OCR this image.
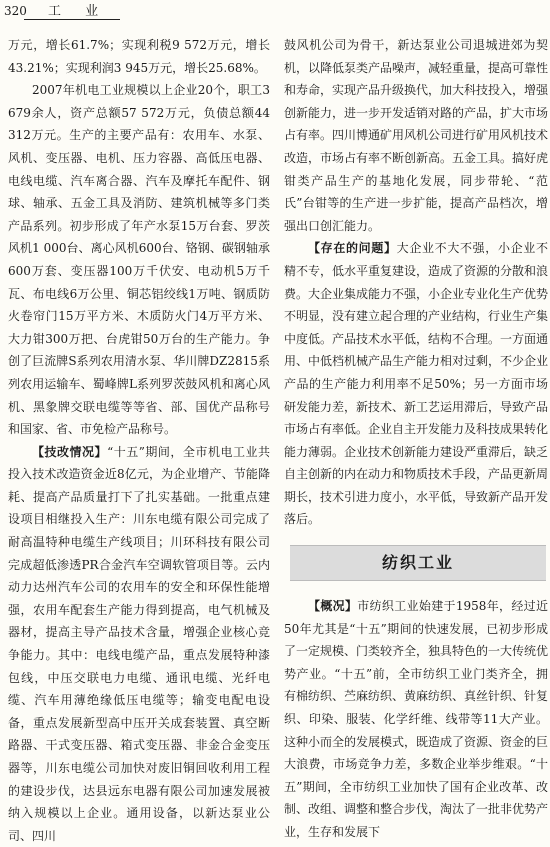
320 工 业

万元，增长61.7%；实现利税9 572万元，增长43.21%；实现利润3 945万元，增长25.68%。

2007年机电工业规模以上企业20个，职工3 679余人，资产总额57 572万元，负债总额44 312万元。生产的主要产品有：农用车、水泵、风机、变压器、电机、压力容器、高低压电器、电线电缆、汽车离合器、汽车及摩托车配件、钢球、轴承、五金工具及消防、建筑机械等多门类产品系列。初步形成了年产水泵15万台套、罗茨风机1 000台、离心风机600台、铬钢、碳钢轴承600万套、变压器100万千伏安、电动机5万千瓦、布电线6万公里、铜芯铝绞线1万吨、钢质防火卷帘门15万平方米、木质防火门4万平方米、大力钳300万把、台虎钳50万台的生产能力。争创了巨流牌S系列农用清水泵、华川牌DZ2815系列农用运输车、蜀峰牌L系列罗茨鼓风机和离心风机、黑象牌交联电缆等等省、部、国优产品称号和国家、省、市免检产品称号。

【技改情况】“十五”期间，全市机电工业共投入技术改造资金近8亿元，为企业增产、节能降耗、提高产品质量打下了扎实基础。一批重点建设项目相继投入生产：川东电缆有限公司完成了耐高温特种电缆生产线项目；川环科技有限公司完成超低渗透PR合金汽车空调软管项目等。云内动力达州汽车公司的农用车的安全和环保性能增强，农用车配套生产能力得到提高，电气机械及器材，提高主导产品技术含量，增强企业核心竞争能力。其中：电线电缆产品，重点发展特种漆包线，中压交联电力电缆、通讯电缆、光纤电缆、汽车用薄绝缘低压电缆等；输变电配电设备，重点发展新型高中压开关成套装置、真空断路器、干式变压器、箱式变压器、非金合金变压器等，川东电缆公司加快对废旧铜回收利用工程的建设步伐，达县远东电器有限公司加速发展被纳入规模以上企业。通用设备，以新达泵业公司、四川

鼓风机公司为骨干，新达泵业公司退城进郊为契机，以降低泵类产品噪声，减轻重量，提高可靠性和寿命，实现产品升级换代，加大科技投入，增强创新能力，进一步开发适销对路的产品，扩大市场占有率。四川博通矿用风机公司进行矿用风机技术改造，市场占有率不断创新高。五金工具。搞好虎钳类产品生产的基地化发展，同步带轮、“范氏”台钳等的生产进一步扩能，提高产品档次，增强出口创汇能力。

【存在的问题】大企业不大不强，小企业不精不专，低水平重复建设，造成了资源的分散和浪费。大企业集成能力不强，小企业专业化生产优势不明显，没有建立起合理的产业结构，行业生产集中度低。产品技术水平低，结构不合理。一方面通用、中低档机械产品生产能力相对过剩，不少企业产品的生产能力利用率不足50%；另一方面市场研发能力差，新技术、新工艺运用滞后，导致产品市场占有率低。企业自主开发能力及科技成果转化能力薄弱。企业技术创新能力建设严重滞后，缺乏自主创新的内在动力和物质技术手段，产品更新周期长，技术引进力度小，水平低，导致新产品开发落后。

纺织工业

【概况】市纺织工业始建于1958年，经过近50年尤其是“十五”期间的快速发展，已初步形成了一定规模、门类较齐全，独具特色的一大传统优势产业。“十五”前，全市纺织工业门类齐全，拥有棉纺织、苎麻纺织、黄麻纺织、真丝针织、针复织、印染、服装、化学纤维、线带等11大产业。这种小而全的发展模式，既造成了资源、资金的巨大浪费，市场竞争力差，多数企业举步维艰。“十五”期间，全市纺织工业加快了国有企业改革、改制、改组、调整和整合步伐，淘汰了一批非优势产业，生存和发展下
